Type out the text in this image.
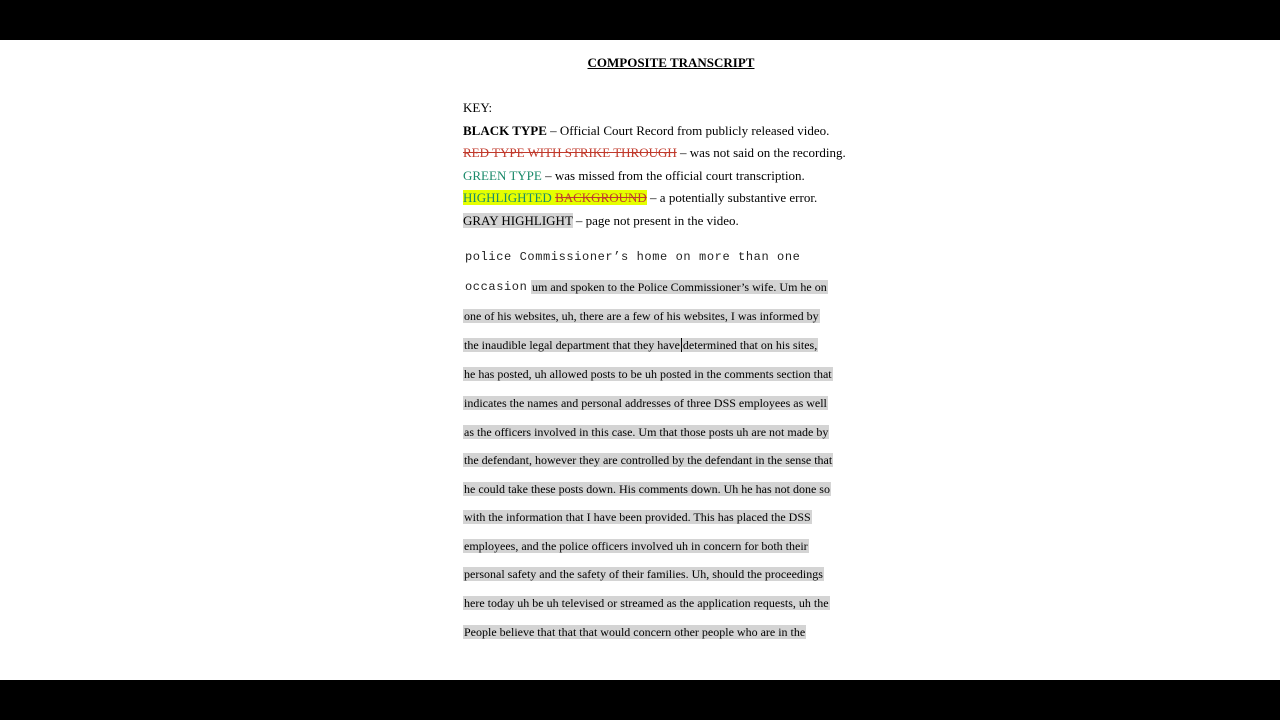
COMPOSITE TRANSCRIPT
KEY:
BLACK TYPE – Official Court Record from publicly released video.
RED TYPE WITH STRIKE THROUGH – was not said on the recording.
GREEN TYPE – was missed from the official court transcription.
HIGHLIGHTED BACKGROUND – a potentially substantive error.
GRAY HIGHLIGHT – page not present in the video.
police Commissioner’s home on more than one
occasion um and spoken to the Police Commissioner’s wife. Um he on
one of his websites, uh, there are a few of his websites, I was informed by
the inaudible legal department that they have determined that on his sites,
he has posted, uh allowed posts to be uh posted in the comments section that
indicates the names and personal addresses of three DSS employees as well
as the officers involved in this case. Um that those posts uh are not made by
the defendant, however they are controlled by the defendant in the sense that
he could take these posts down. His comments down. Uh he has not done so
with the information that I have been provided. This has placed the DSS
employees, and the police officers involved uh in concern for both their
personal safety and the safety of their families. Uh, should the proceedings
here today uh be uh televised or streamed as the application requests, uh the
People believe that that that would concern other people who are in the
